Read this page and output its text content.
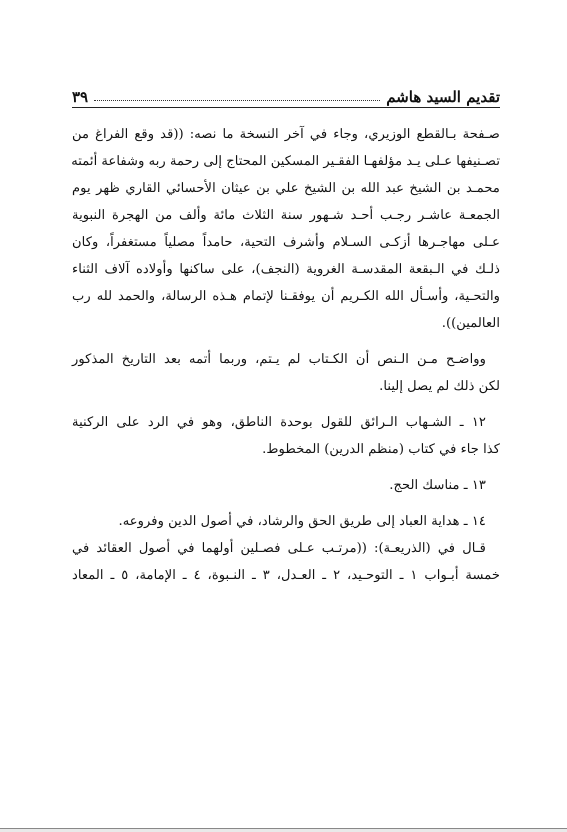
تقديم السيد هاشم
٣٩

صـفحة بـالقطع الوزيري، وجاء في آخر النسخة ما نصه: ((قد وقع الفراغ من
تصـنيفها عـلى يـد مؤلفهـا الفقـير المسكين المحتاج إلى رحمة ربه وشفاعة أئمته
محمـد بن الشيخ عبد الله بن الشيخ علي بن عيثان الأحسائي القاري ظهر يوم
الجمعـة عاشـر رجـب أحـد شـهور سنة الثلاث مائة وألف من الهجرة النبوية
عـلى مهاجـرها أزكـى السـلام وأشرف التحية، حامداً مصلياً مستغفراً، وكان
ذلـك في الـبقعة المقدسـة الغروية (النجف)، على ساكنها وأولاده آلاف الثناء
والتحـية، وأسـأل الله الكـريم أن يوفقـنا لإتمام هـذه الرسالة، والحمد لله رب
العالمين)).

وواضـح مـن الـنص أن الكـتاب لم يـتم، وربما أتمه بعد التاريخ المذكور
لكن ذلك لم يصل إلينا.

١٢ ـ الشـهاب الـرائق للقول بوحدة الناطق، وهو في الرد على الركنية
كذا جاء في كتاب (منظم الدرين) المخطوط.

١٣ ـ مناسك الحج.

١٤ ـ هداية العباد إلى طريق الحق والرشاد، في أصول الدين وفروعه.

قـال في (الذريعـة): ((مرتـب عـلى فصـلين أولهما في أصول العقائد في
خمسة أبـواب ١ ـ التوحـيد، ٢ ـ العـدل، ٣ ـ النـبوة، ٤ ـ الإمامة، ٥ ـ المعاد
